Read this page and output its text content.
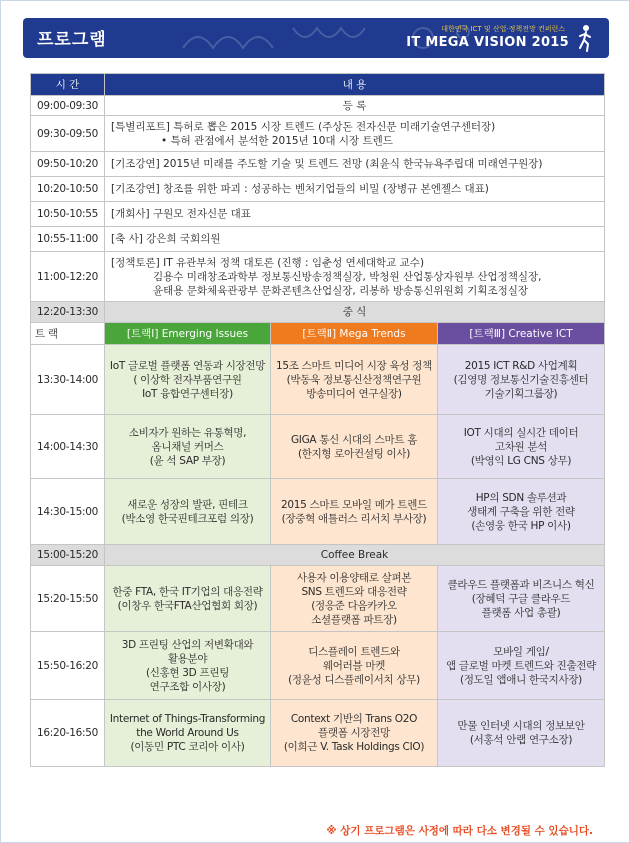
프로그램
대한민국 ICT 및 산업·정책전망 컨퍼런스
IT MEGA VISION 2015
시 간	내 용		
09:00-09:30	등 록		

09:30-09:50	[특별리포트] 특허로 뽑은 2015 시장 트렌드 (주상돈 전자신문 미래기술연구센터장)
• 특허 관점에서 분석한 2015년 10대 시장 트렌드		

09:50-10:20	[기조강연] 2015년 미래를 주도할 기술 및 트렌드 전망 (최윤식 한국뉴욕주립대 미래연구원장)		

10:20-10:50	[기조강연] 창조를 위한 파괴 : 성공하는 벤처기업들의 비밀 (장병규 본엔젤스 대표)		

10:50-10:55	[개회사] 구원모 전자신문 대표		

10:55-11:00	[축 사] 강은희 국회의원		

11:00-12:20	[정책토론] IT 유관부처 정책 대토론 (진행 : 임춘성 연세대학교 교수)
김용수 미래창조과학부 정보통신방송정책실장, 박청원 산업통상자원부 산업정책실장,
윤태용 문화체육관광부 문화콘텐츠산업실장, 리봉하 방송통신위원회 기획조정실장		

12:20-13:30	중 식		

트 랙	[트랙Ⅰ] Emerging Issues	[트랙Ⅱ] Mega Trends	[트랙Ⅲ] Creative ICT
13:30-14:00	IoT 글로벌 플랫폼 연동과 시장전망
( 이상학 전자부품연구원
IoT 융합연구센터장)	15조 스마트 미디어 시장 육성 정책
(박동욱 정보통신산정책연구원
방송미디어 연구실장)	2015 ICT R&D 사업계획
(김영명 정보통신기술진흥센터
기술기획그룹장)

14:00-14:30	소비자가 원하는 유통혁명,
옴니채널 커머스
(윤 석 SAP 부장)	GIGA 통신 시대의 스마트 홈
(한지형 로아컨설팅 이사)	IOT 시대의 실시간 데이터
고차원 분석
(박영익 LG CNS 상무)

14:30-15:00	새로운 성장의 발판, 핀테크
(박소영 한국핀테크포럼 의장)	2015 스마트 모바일 메가 트렌드
(장중혁 애틀러스 리서치 부사장)	HP의 SDN 솔루션과
생태계 구축을 위한 전략
(손영웅 한국 HP 이사)

15:00-15:20	Coffee Break		
15:20-15:50	한중 FTA, 한국 IT기업의 대응전략
(이창우 한국FTA산업협회 회장)	사용자 이용양태로 살펴본
SNS 트렌드와 대응전략
(정응준 다음카카오
소셜플랫폼 파트장)	클라우드 플랫폼과 비즈니스 혁신
(장혜덕 구글 클라우드
플랫폼 사업 총괄)

15:50-16:20	3D 프린팅 산업의 저변확대와
활용분야
(신홍현 3D 프린팅
연구조합 이사장)	디스플레이 트렌드와
웨어러블 마켓
(정윤성 디스플레이서치 상무)	모바일 게임/
앱 글로벌 마켓 트렌드와 진출전략
(정도일 앱애니 한국지사장)

16:20-16:50	Internet of Things-Transforming
the World Around Us
(이동민 PTC 코리아 이사)	Context 기반의 Trans O2O
플랫폼 시장전망
(이희근 V. Task Holdings CIO)	만물 인터넷 시대의 정보보안
(서홍석 안랩 연구소장)
※ 상기 프로그램은 사정에 따라 다소 변경될 수 있습니다.
